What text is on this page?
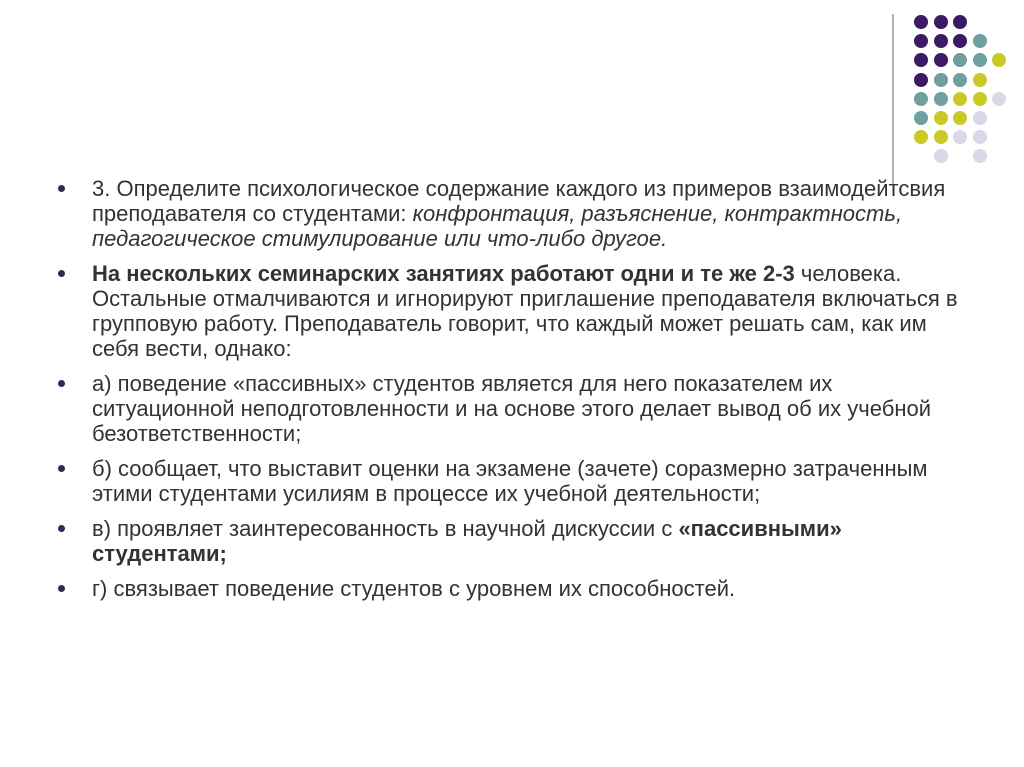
3. Определите психологическое содержание каждого из примеров взаимодейтсвия преподавателя со студентами: конфронтация, разъяснение, контрактность, педагогическое стимулирование или что-либо другое.
На нескольких семинарских занятиях работают одни и те же 2-3 человека. Остальные отмалчиваются и игнорируют приглашение преподавателя включаться в групповую работу. Преподаватель говорит, что каждый может решать сам, как им себя вести, однако:
а) поведение «пассивных» студентов является для него показателем их ситуационной неподготовленности и на основе этого делает вывод об их учебной безответственности;
б) сообщает, что выставит оценки на экзамене (зачете) соразмерно затраченным этими студентами усилиям в процессе их учебной деятельности;
в) проявляет заинтересованность в научной дискуссии с «пассивными» студентами;
г) связывает поведение студентов с уровнем их способностей.
